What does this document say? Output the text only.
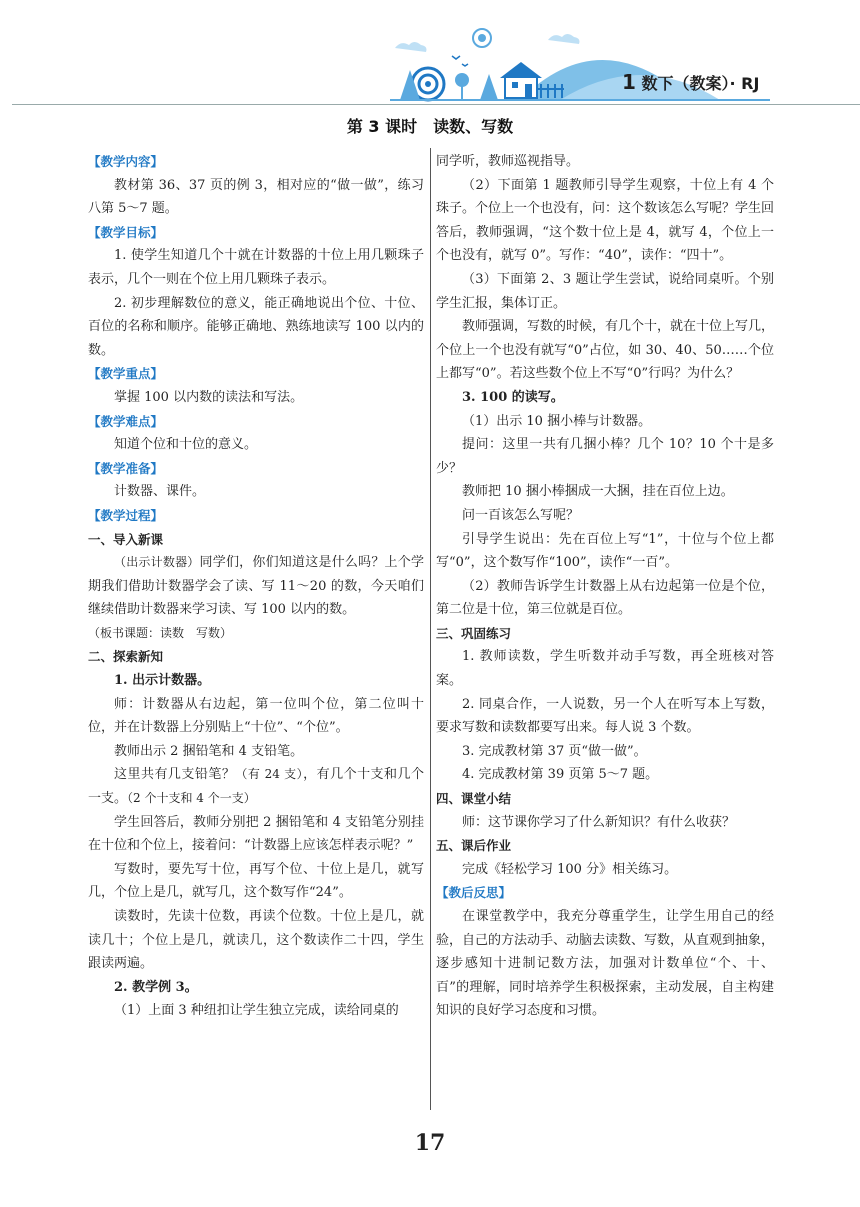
1 数下（教案）· RJ
第 3 课时　读数、写数

【教学内容】

教材第 36、37 页的例 3，相对应的“做一做”，练习八第 5～7 题。

【教学目标】

1. 使学生知道几个十就在计数器的十位上用几颗珠子表示，几个一则在个位上用几颗珠子表示。

2. 初步理解数位的意义，能正确地说出个位、十位、百位的名称和顺序。能够正确地、熟练地读写 100 以内的数。

【教学重点】

掌握 100 以内数的读法和写法。

【教学难点】

知道个位和十位的意义。

【教学准备】

计数器、课件。

【教学过程】

一、导入新课

（出示计数器）同学们，你们知道这是什么吗？上个学期我们借助计数器学会了读、写 11～20 的数，今天咱们继续借助计数器来学习读、写 100 以内的数。

（板书课题：读数　写数）

二、探索新知

1. 出示计数器。

师：计数器从右边起，第一位叫个位，第二位叫十位，并在计数器上分别贴上“十位”、“个位”。

教师出示 2 捆铅笔和 4 支铅笔。

这里共有几支铅笔？（有 24 支），有几个十支和几个一支。（2 个十支和 4 个一支）

学生回答后，教师分别把 2 捆铅笔和 4 支铅笔分别挂在十位和个位上，接着问：“计数器上应该怎样表示呢？”

写数时，要先写十位，再写个位、十位上是几，就写几，个位上是几，就写几，这个数写作“24”。

读数时，先读十位数，再读个位数。十位上是几，就读几十；个位上是几，就读几，这个数读作二十四，学生跟读两遍。

2. 教学例 3。

（1）上面 3 种纽扣让学生独立完成，读给同桌的

同学听，教师巡视指导。

（2）下面第 1 题教师引导学生观察，十位上有 4 个珠子。个位上一个也没有，问：这个数该怎么写呢？学生回答后，教师强调，“这个数十位上是 4，就写 4，个位上一个也没有，就写 0”。写作：“40”，读作：“四十”。

（3）下面第 2、3 题让学生尝试，说给同桌听。个别学生汇报，集体订正。

教师强调，写数的时候，有几个十，就在十位上写几，个位上一个也没有就写“0”占位，如 30、40、50……个位上都写“0”。若这些数个位上不写“0”行吗？为什么？

3. 100 的读写。

（1）出示 10 捆小棒与计数器。

提问：这里一共有几捆小棒？几个 10？10 个十是多少？

教师把 10 捆小棒捆成一大捆，挂在百位上边。

问一百该怎么写呢？

引导学生说出：先在百位上写“1”，十位与个位上都写“0”，这个数写作“100”，读作“一百”。

（2）教师告诉学生计数器上从右边起第一位是个位，第二位是十位，第三位就是百位。

三、巩固练习

1. 教师读数，学生听数并动手写数，再全班核对答案。

2. 同桌合作，一人说数，另一个人在听写本上写数，要求写数和读数都要写出来。每人说 3 个数。

3. 完成教材第 37 页“做一做”。

4. 完成教材第 39 页第 5～7 题。

四、课堂小结

师：这节课你学习了什么新知识？有什么收获？

五、课后作业

完成《轻松学习 100 分》相关练习。

【教后反思】

在课堂教学中，我充分尊重学生，让学生用自己的经验，自己的方法动手、动脑去读数、写数，从直观到抽象，逐步感知十进制记数方法，加强对计数单位“个、十、百”的理解，同时培养学生积极探索，主动发展，自主构建知识的良好学习态度和习惯。

17
